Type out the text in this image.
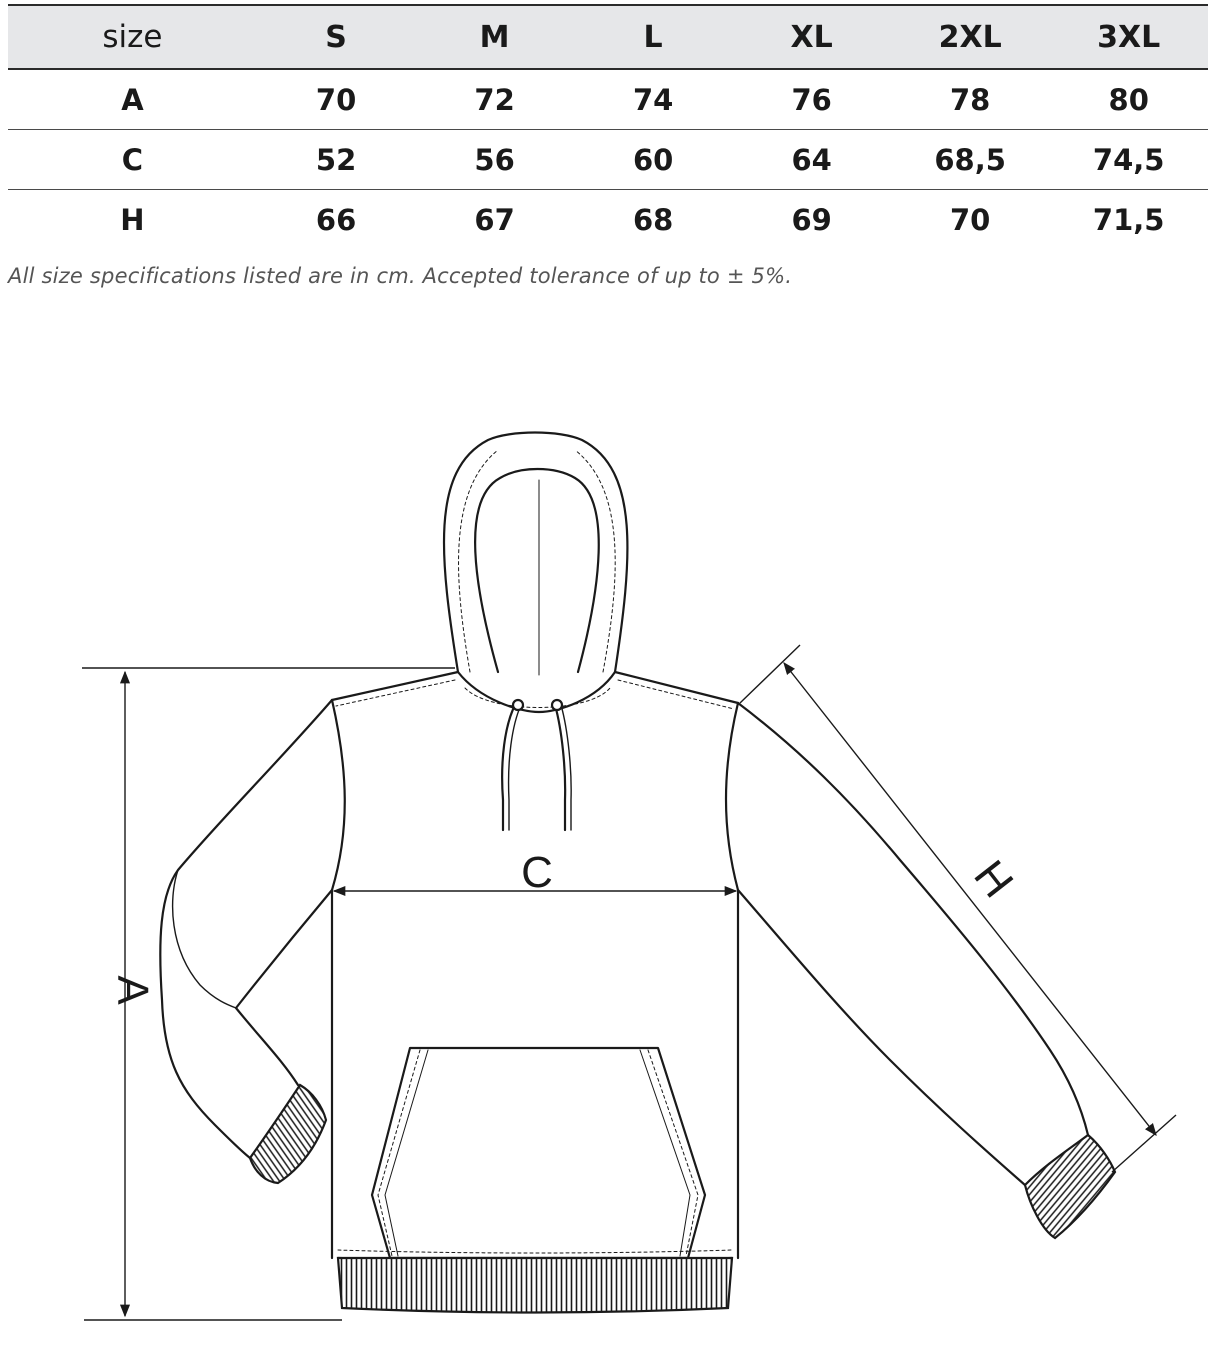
size	S	M	L	XL	2XL	3XL
A	70	72	74	76	78	80
C	52	56	60	64	68,5	74,5
H	66	67	68	69	70	71,5
All size specifications listed are in cm. Accepted tolerance of up to ± 5%.
A
C	H
